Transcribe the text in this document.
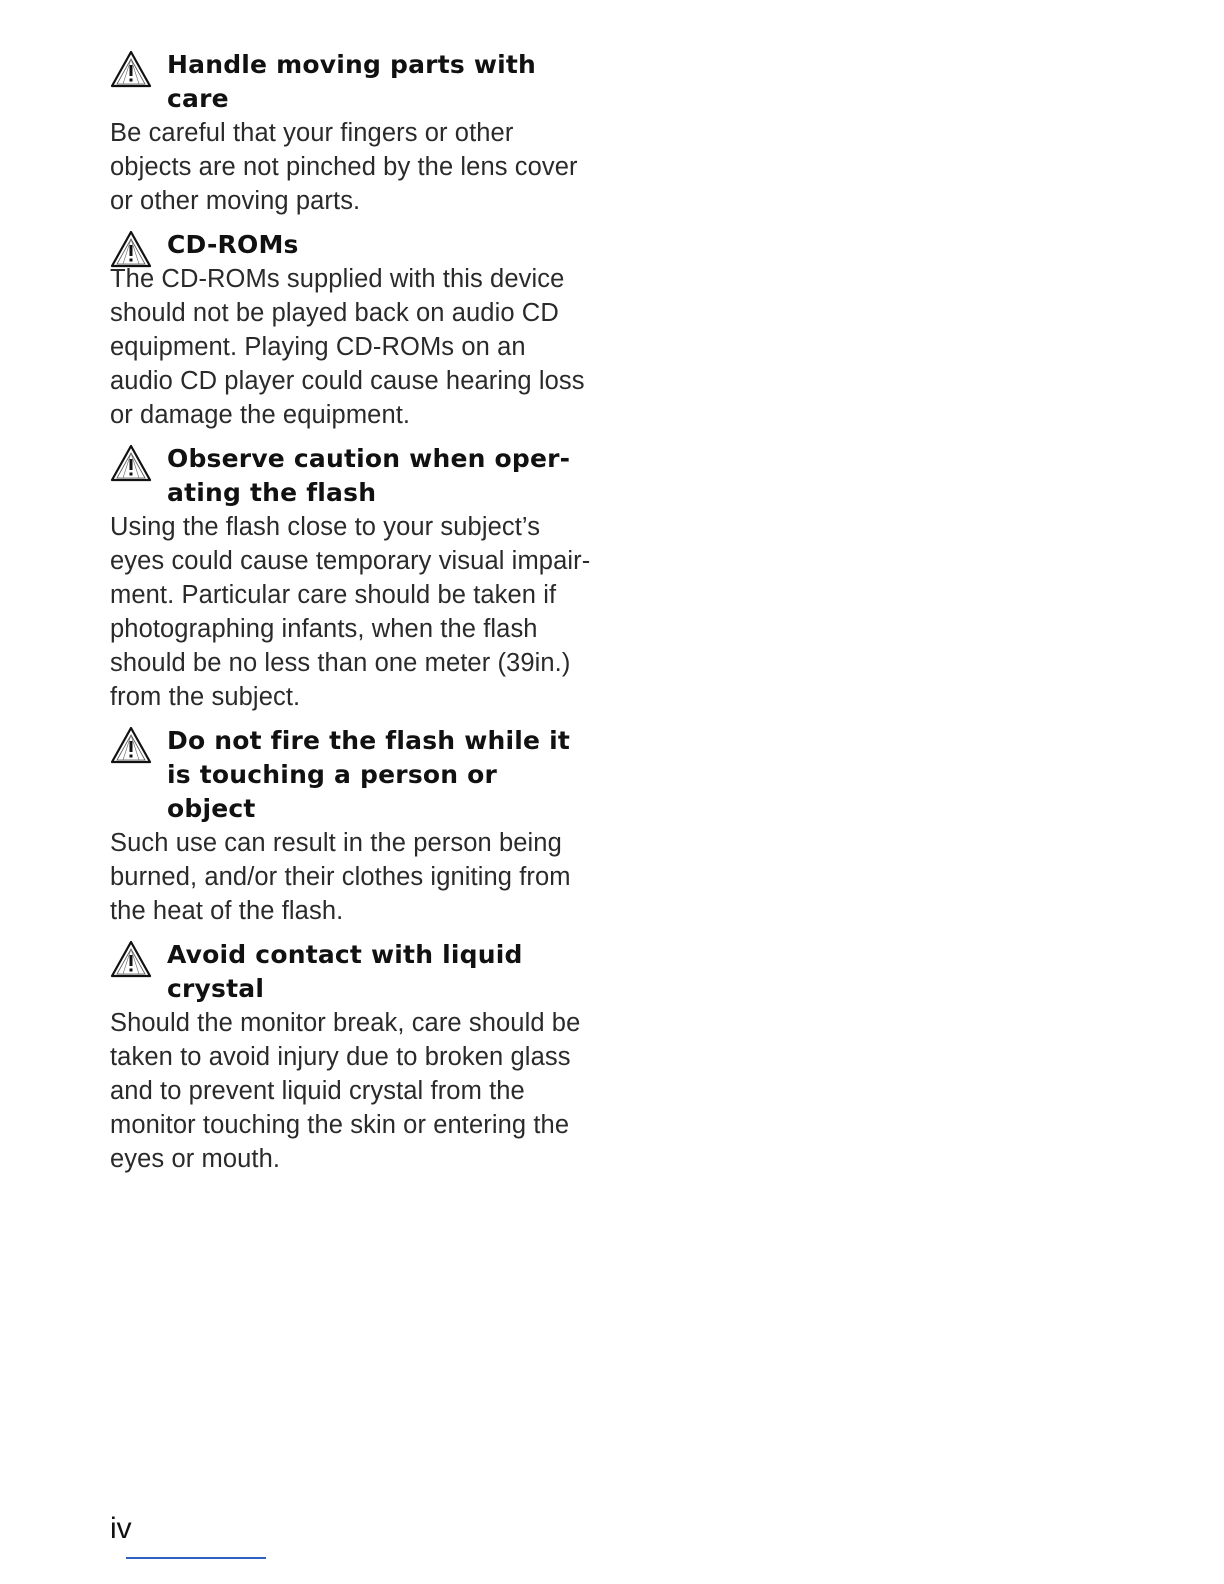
Handle moving parts with care

Be careful that your fingers or other objects are not pinched by the lens cover or other moving parts.

CD-ROMs

The CD-ROMs supplied with this device should not be played back on audio CD equipment. Playing CD-ROMs on an audio CD player could cause hearing loss or damage the equipment.

Observe caution when oper-ating the flash

Using the flash close to your subject’s eyes could cause temporary visual impair-ment. Particular care should be taken if photographing infants, when the flash should be no less than one meter (39in.) from the subject.

Do not fire the flash while it is touching a person or object

Such use can result in the person being burned, and/or their clothes igniting from the heat of the flash.

Avoid contact with liquid crystal

Should the monitor break, care should be taken to avoid injury due to broken glass and to prevent liquid crystal from the monitor touching the skin or entering the eyes or mouth.

iv
